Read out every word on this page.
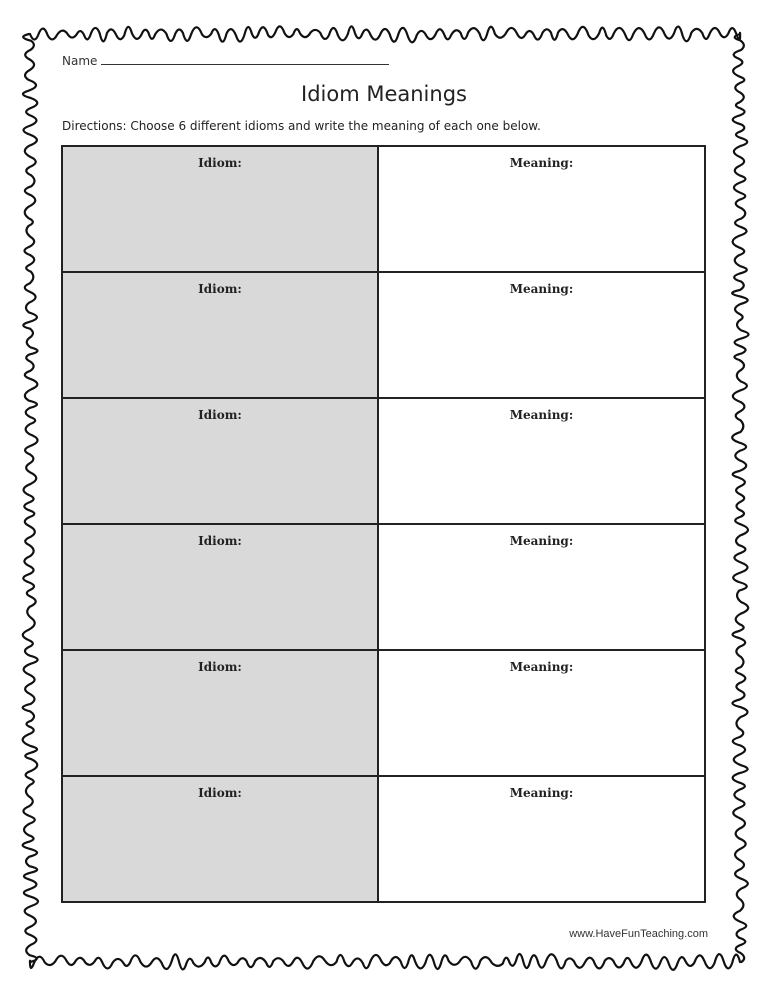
Name
Idiom Meanings
Directions: Choose 6 different idioms and write the meaning of each one below.
Idiom:	Meaning:
Idiom:	Meaning:
Idiom:	Meaning:
Idiom:	Meaning:
Idiom:	Meaning:
Idiom:	Meaning:
www.HaveFunTeaching.com
